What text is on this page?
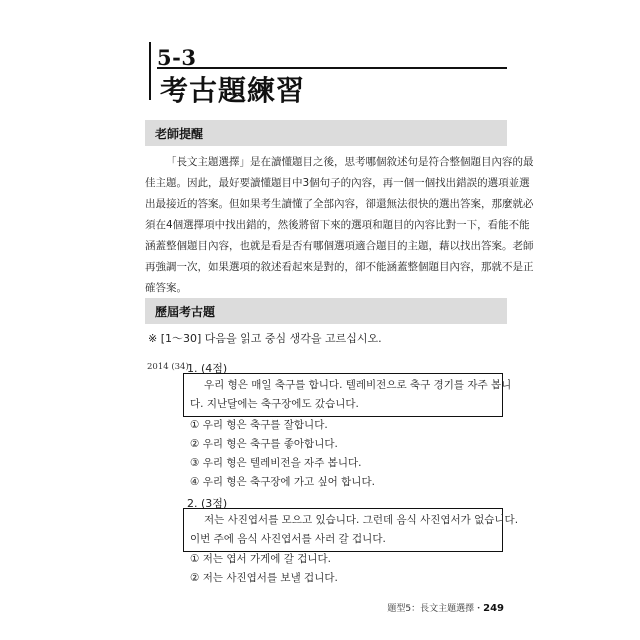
5-3
考古題練習
老師提醒
「長文主題選擇」是在讀懂題目之後，思考哪個敘述句是符合整個題目內容的最
佳主題。因此，最好要讀懂題目中3個句子的內容，再一個一個找出錯誤的選項並選
出最接近的答案。但如果考生讀懂了全部內容，卻還無法很快的選出答案，那麼就必
須在4個選擇項中找出錯的，然後將留下來的選項和題目的內容比對一下，看能不能
涵蓋整個題目內容，也就是看是否有哪個選項適合題目的主題，藉以找出答案。老師
再強調一次，如果選項的敘述看起來是對的，卻不能涵蓋整個題目內容，那就不是正
確答案。
歷屆考古題
※ [1～30] 다음을 읽고 중심 생각을 고르십시오.
2014 (34)
1. (4점)
우리 형은 매일 축구를 합니다. 텔레비전으로 축구 경기를 자주 봅니
다. 지난달에는 축구장에도 갔습니다.
① 우리 형은 축구를 잘합니다.
② 우리 형은 축구를 좋아합니다.
③ 우리 형은 텔레비전을 자주 봅니다.
④ 우리 형은 축구장에 가고 싶어 합니다.
2. (3점)
저는 사진엽서를 모으고 있습니다. 그런데 음식 사진엽서가 없습니다.
이번 주에 음식 사진엽서를 사러 갈 겁니다.
① 저는 엽서 가게에 갈 겁니다.
② 저는 사진엽서를 보낼 겁니다.
題型5：長文主題選擇・249
